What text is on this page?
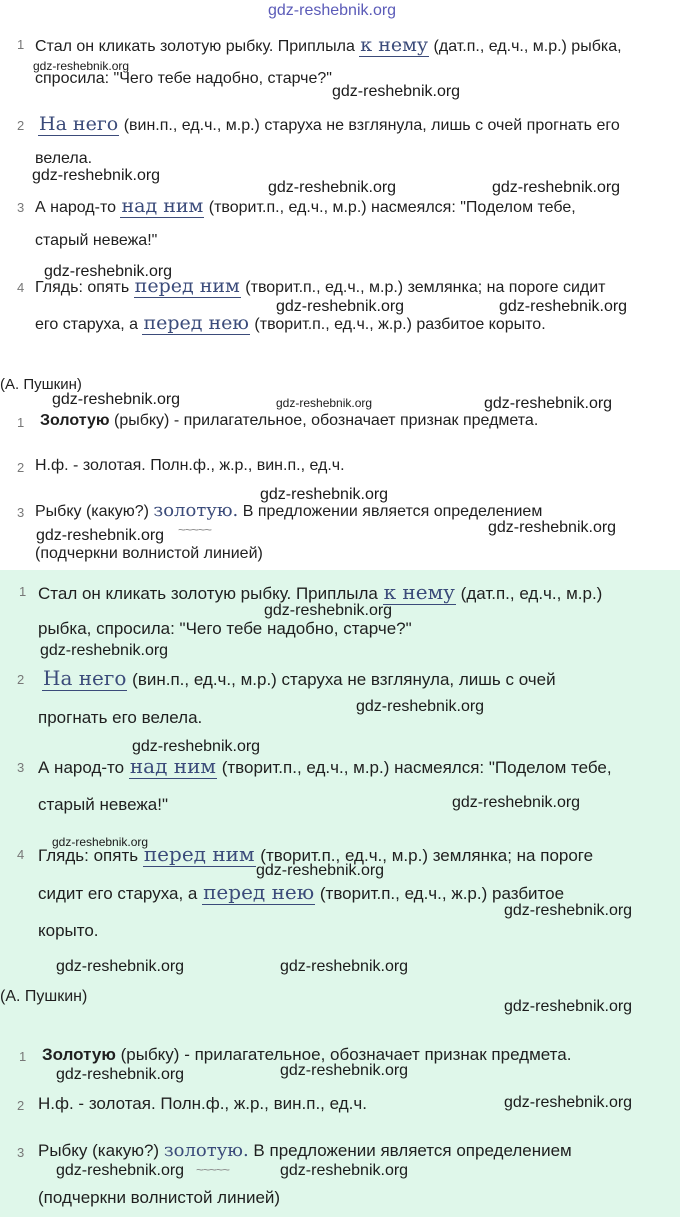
gdz-reshebnik.org
1 Стал он кликать золотую рыбку. Приплыла к нему (дат.п., ед.ч., м.р.) рыбка,
gdz-reshebnik.org
спросила: "Чего тебе надобно, старче?"
gdz-reshebnik.org
2 На него (вин.п., ед.ч., м.р.) старуха не взглянула, лишь с очей прогнать его
велела.
gdz-reshebnik.org
gdz-reshebnik.org	gdz-reshebnik.org
3 А народ-то над ним (творит.п., ед.ч., м.р.) насмеялся: "Поделом тебе,
старый невежа!"
gdz-reshebnik.org
4 Глядь: опять перед ним (творит.п., ед.ч., м.р.) землянка; на пороге сидит
gdz-reshebnik.org	gdz-reshebnik.org
его старуха, а перед нею (творит.п., ед.ч., ж.р.) разбитое корыто.
(А. Пушкин)
gdz-reshebnik.org	gdz-reshebnik.org	gdz-reshebnik.org
1 Золотую (рыбку) - прилагательное, обозначает признак предмета.
2 Н.ф. - золотая. Полн.ф., ж.р., вин.п., ед.ч.
gdz-reshebnik.org
3 Рыбку (какую?) золотую. В предложении является определением
gdz-reshebnik.org ~~~~~	gdz-reshebnik.org
(подчеркни волнистой линией)
1 Стал он кликать золотую рыбку. Приплыла к нему (дат.п., ед.ч., м.р.)
gdz-reshebnik.org
рыбка, спросила: "Чего тебе надобно, старче?"
gdz-reshebnik.org
2 На него (вин.п., ед.ч., м.р.) старуха не взглянула, лишь с очей
gdz-reshebnik.org
прогнать его велела.
gdz-reshebnik.org
3 А народ-то над ним (творит.п., ед.ч., м.р.) насмеялся: "Поделом тебе,
gdz-reshebnik.org
старый невежа!"
gdz-reshebnik.org
4 Глядь: опять перед ним (творит.п., ед.ч., м.р.) землянка; на пороге
gdz-reshebnik.org
сидит его старуха, а перед нею (творит.п., ед.ч., ж.р.) разбитое
gdz-reshebnik.org
корыто.
gdz-reshebnik.org	gdz-reshebnik.org
(А. Пушкин)
gdz-reshebnik.org
1 Золотую (рыбку) - прилагательное, обозначает признак предмета.
gdz-reshebnik.org	gdz-reshebnik.org
2 Н.ф. - золотая. Полн.ф., ж.р., вин.п., ед.ч.	gdz-reshebnik.org
3 Рыбку (какую?) золотую. В предложении является определением
gdz-reshebnik.org ~~~~~	gdz-reshebnik.org
(подчеркни волнистой линией)
